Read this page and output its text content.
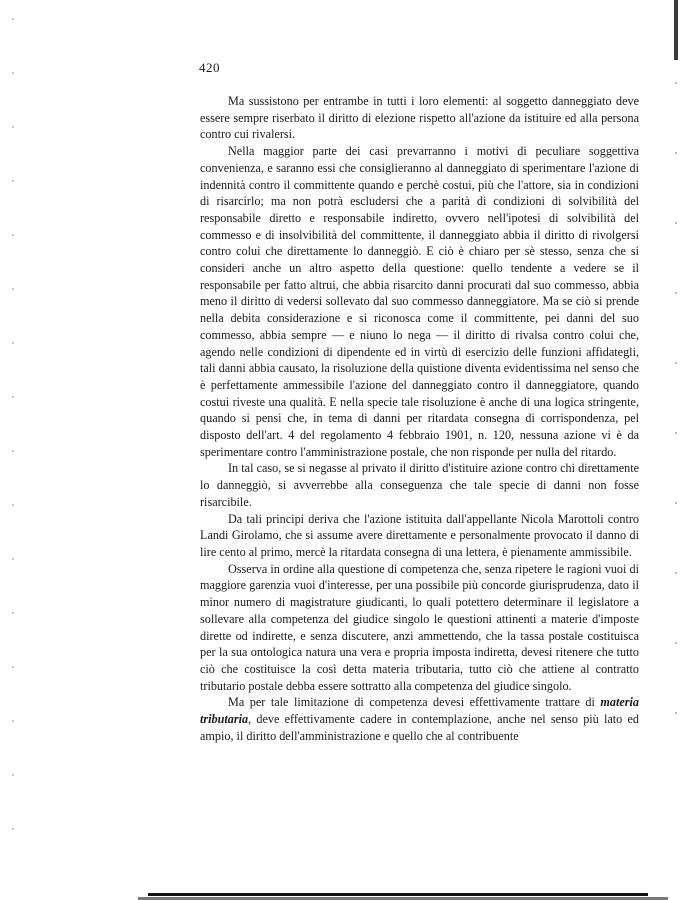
420

Ma sussistono per entrambe in tutti i loro elementi: al soggetto danneggiato deve essere sempre riserbato il diritto di elezione rispetto all'azione da istituire ed alla persona contro cui rivalersi.

Nella maggior parte dei casi prevarranno i motivi di peculiare soggettiva convenienza, e saranno essi che consiglieranno al danneggiato di sperimentare l'azione di indennità contro il committente quando e perchè costui, più che l'attore, sia in condizioni di risarcirlo; ma non potrà escludersi che a parità di condizioni di solvibilità del responsabile diretto e responsabile indiretto, ovvero nell'ipotesi di solvibilità del commesso e di insolvibilità del committente, il danneggiato abbia il diritto di rivolgersi contro colui che direttamente lo danneggiò. E ciò è chiaro per sè stesso, senza che si consideri anche un altro aspetto della questione: quello tendente a vedere se il responsabile per fatto altrui, che abbia risarcito danni procurati dal suo commesso, abbia meno il diritto di vedersi sollevato dal suo commesso danneggiatore. Ma se ciò si prende nella debita considerazione e si riconosca come il committente, pei danni del suo commesso, abbia sempre — e niuno lo nega — il diritto di rivalsa contro colui che, agendo nelle condizioni di dipendente ed in virtù di esercizio delle funzioni affidategli, tali danni abbia causato, la risoluzione della quistione diventa evidentissima nel senso che è perfettamente ammessibile l'azione del danneggiato contro il danneggiatore, quando costui riveste una qualità. E nella specie tale risoluzione è anche di una logica stringente, quando si pensi che, in tema di danni per ritardata consegna di corrispondenza, pel disposto dell'art. 4 del regolamento 4 febbraio 1901, n. 120, nessuna azione vi è da sperimentare contro l'amministrazione postale, che non risponde per nulla del ritardo.

In tal caso, se si negasse al privato il diritto d'istituire azione contro chi direttamente lo danneggiò, si avverrebbe alla conseguenza che tale specie di danni non fosse risarcibile.

Da tali principi deriva che l'azione istituita dall'appellante Nicola Marottoli contro Landi Girolamo, che si assume avere direttamente e personalmente provocato il danno di lire cento al primo, mercè la ritardata consegna di una lettera, è pienamente ammissibile.

Osserva in ordine alla questione di competenza che, senza ripetere le ragioni vuoi di maggiore garenzia vuoi d'interesse, per una possibile più concorde giurisprudenza, dato il minor numero di magistrature giudicanti, lo quali potettero determinare il legislatore a sollevare alla competenza del giudice singolo le questioni attinenti a materie d'imposte dirette od indirette, e senza discutere, anzi ammettendo, che la tassa postale costituisca per la sua ontologica natura una vera e propria imposta indiretta, devesi ritenere che tutto ciò che costituisce la così detta materia tributaria, tutto ciò che attiene al contratto tributario postale debba essere sottratto alla competenza del giudice singolo.

Ma per tale limitazione di competenza devesi effettivamente trattare di materia tributaria, deve effettivamente cadere in contemplazione, anche nel senso più lato ed ampio, il diritto dell'amministrazione e quello che al contribuente
